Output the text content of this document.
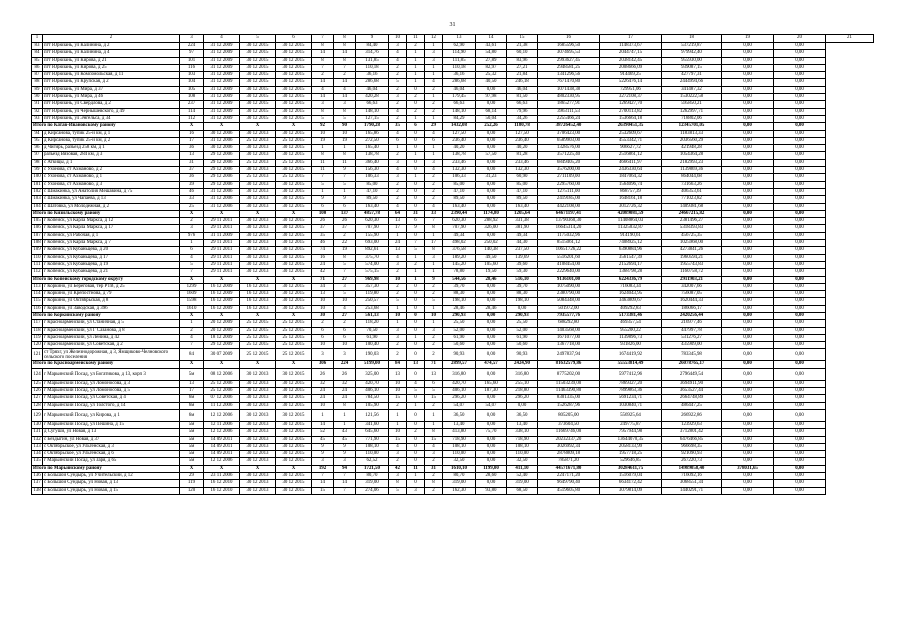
31
1	2	3	4	5	6	7	8	9	10	11	12	13	14	15	16	17	18	19	20	21
83	пгт Юрюзань, ул Калинина, д 2	224	31 12 2009	30 12 2015	30 12 2015	8	8	84,40	3	2	1	62,90	43,61	21,38	1685596,50	1148373,67	537219,87	0,00	0,00	
84	пгт Юрюзань, ул Калинина, д 4	97	31 12 2009	30 12 2015	30 12 2015	14	14	314,76	4	1	3	114,90	54,80	60,10	3074695,53	2044747,15	979942,40	0,00	0,00	
85	пгт Юрюзань, ул Кирова, д 21	101	31 12 2009	30 12 2015	30 12 2015	8	8	131,85	4	1	3	111,85	27,89	83,96	2993627,45	2038142,45	955930,00	0,00	0,00	
86	пгт Юрюзань, ул Кирова, д 25	116	31 12 2009	30 12 2015	30 12 2015	7	7	110,18	2	1	1	110,18	82,97	27,21	2948581,25	2008666,09	939087,15	0,00	0,00	
87	пгт Юрюзань, ул Комсомольская, д 11	103	31 12 2009	30 12 2015	30 12 2015	2	2	36,16	2	1	1	36,16	25,32	21,84	1341296,56	914469,25	427797,31	0,00	0,00	
88	пгт Юрюзань, ул Крупская, д 2	104	31 12 2009	30 12 2015	30 12 2015	14	14	286,68	5	1	4	286,68	40,50	246,18	7671470,80	5226476,14	2444994,66	0,00	0,00	
89	пгт Юрюзань, ул Мира, д 37	105	31 12 2009	30 12 2015	30 12 2015	4	4	46,04	2	0	2	46,04	0,00	46,04	1071438,38	729951,06	341487,32	0,00	0,00	
90	пгт Юрюзань, ул Мира, д 46	108	31 12 2009	30 12 2015	30 12 2015	14	14	420,28	3	2	1	179,45	97,98	81,50	4802330,95	3272108,37	1530222,58	0,00	0,00	
91	пгт Юрюзань, ул Свердлова, д 2	237	31 12 2009	30 12 2015	30 12 2015	3	3	66,63	2	0	2	66,63	0,00	66,63	1865277,91	1269427,70	595850,21	0,00	0,00	
92	пгт Юрюзань, ул Чернышевского, д 49	114	31 12 2009	30 12 2015	30 12 2015	8	8	148,10	4	2	2	148,10	68,14	79,96	3963111,53	2700113,82	1262997,71	0,00	0,00	
93	пгт Юрюзань, ул Энгельса, д 34	112	31 12 2009	30 12 2015	30 12 2015	5	5	127,15	2	1	1	84,29	50,04	34,26	2255466,24	1536664,18	718802,06	0,00	0,00	
Итого по Катав-Ивановскому району		X	X	X	X	92	90	1790,28	35	6	29	1432,08	252,26	1180,78	38726452,40	26390451,35	12345701,05	0,00	0,00	
94	д Кирсанова, тупик 25-й км, д 1	16	30 12 2006	30 12 2013	30 12 2015	10	10	165,86	4	0	4	127,50	0,00	127,50	3706423,00	2532609,67	1183813,33	0,00	0,00	
95	д Кирсанова, тупик 25-й км, д 2	17	31 12 2006	25 12 2013	25 12 2015	19	19	272,50	6	0	6	236,40	0,00	236,40	6589903,00	4553342,71	2036560,29	0,00	0,00	
96	д Чигирь, разъезд 258 км, д 1	36	30 12 2006	30 12 2013	30 12 2015	1	1	165,40	1	0	1	40,20	0,00	40,20	1328576,00	906627,72	421948,28	0,00	0,00	
97	разъезд Вязовая, 284 км, д 3	13	29 12 2006	30 12 2013	30 12 2015	8	8	138,78	2	1	1	138,78	57,50	81,28	3571225,40	2516861,12	1054364,28	0,00	0,00	
98	с Аткицы, д 1	31	29 12 2006	25 12 2013	25 12 2015	11	11	366,40	3	0	3	233,46	0,00	233,46	6849405,20	4666411,97	2182993,23	0,00	0,00	
99	с Ухонова, ст Ахманово, д 2	37	29 12 2006	30 12 2013	30 12 2015	11	9	156,30	4	0	4	132,30	0,00	132,30	3576200,00	2436330,64	1139869,36	0,00	0,00	
100	с Ухонова, ст Ахманово, д 1	36	29 12 2006	25 12 2013	25 12 2015	7	7	106,33	3	1	2	106,33	31,23	60,90	2711109,00	1847064,32	864044,68	0,00	0,00	
101	с Ухонова, ст Ахманово, д 3	39	29 12 2006	30 12 2013	30 12 2015	5	5	85,00	2	0	2	85,00	0,00	85,00	2295760,00	1564096,74	731663,26	0,00	0,00	
102	с Шмакинка, ул Анатолия Мешавина, д 75	46	31 12 2006	30 12 2013	30 12 2015	1	1	47,10	2	0	2	47,10	0,00	47,10	1275111,00	868757,39	406353,61	0,00	0,00	
103	с Шмакинка, ул Чапаева, д 13	33	31 12 2006	30 12 2013	30 12 2015	9	9	89,50	2	0	2	89,50	0,00	89,50	2419185,00	1648161,18	771023,82	0,00	0,00	
104	с Шатовка, ул Молодежная, д 2	25	31 12 2006	30 12 2013	30 12 2015	6	6	163,40	4	0	4	163,40	0,00	163,40	4422108,00	3012726,32	1409381,68	0,00	0,00	
Итого по Кизильскому району		X	X	X	X	100	137	4857,78	64	31	33	2390,44	1174,80	1205,64	64671197,41	42089081,59	24667215,82	0,00	0,00	
105	г Копейск, ул Карла Маркса, д 12	2	29 11 2011	30 12 2013	30 12 2015	26	26	620,30	13	6	7	620,30	288,92	331,38	13790360,30	11408864,03	2381496,27	0,00	0,00	
106	г Копейск, ул Карла Маркса, д 17	3	29 11 2011	30 12 2013	30 12 2015	37	37	707,90	17	9	8	707,90	326,00	381,90	16645314,20	11325032,87	5318393,83	0,00	0,00	
107	г Копейск, ул Рабочая, д 1	976	31 11 2009	30 12 2013	30 12 2015	35	2	155,90	1	0	1	49,34	0,00	49,34	1175032,96	914190,61	456725,35	0,00	0,00	
108	г Копейск, ул Карла Маркса, д 7	1	29 11 2011	30 12 2013	30 12 2015	46	22	693,00	24	7	17	498,02	250,02	44,30	8515061,12	7408925,12	1025968,00	0,00	0,00	
109	г Копейск, ул Кубаньцева, д 20	6	29 11 2011	30 12 2013	30 12 2015	74	19	892,61	13	5	8	376,58	140,38	237,50	10651726,22	6390884,96	4273841,26	0,00	0,00	
110	г Копейск, ул Кубаньцева, д 17	4	29 11 2011	30 12 2013	30 12 2015	16	8	375,70	4	1	3	189,20	49,50	139,69	5516201,60	3561547,39	1960594,21	0,00	0,00	
111	г Копейск, ул Кубаньцева, д 19	5	29 11 2011	30 12 2013	30 12 2015	24	5	574,00	3	2	1	145,20	105,60	39,60	4108454,00	2152694,17	1955743,83	0,00	0,00	
112	г Копейск, ул Кубаньцева, д 21	7	29 11 2011	30 12 2013	30 12 2015	42	7	575,15	2	1	1	78,80	19,50	59,30	2229640,00	1368798,28	1160758,72	0,00	0,00	
Итого по Копейскому городскому округу		X	X	X	X	71	27	969,98	10	1	9	544,56	28,46	516,10	9136101,00	6224336,79	2911903,21	0,00	0,00	
113	г Коркино, ул Береговая, тер РТВ, д 25	1299	16 12 2009	16 12 2013	30 12 2015	34	3	357,30	2	0	2	39,70	0,00	39,70	1075090,00	716083,34	342007,66	0,00	0,00	
114	г Коркино, ул Крепостнова, д 79	1609	16 12 2009	16 12 2013	30 12 2015	13	5	119,80	2	0	2	88,30	0,00	88,30	2380790,00	1624043,95	756087,05	0,00	0,00	
115	г Коркино, ул Октябрьская, д 8	1598	16 12 2009	16 12 2013	30 12 2015	10	10	250,57	5	0	5	198,10	0,00	198,10	5084348,00	3463809,67	1620444,33	0,00	0,00	
116	г Коркино, ул Заводская, д 396	1610	16 12 2009	16 12 2013	30 12 2015	10	4	253,68	1	0	1	28,46	28,46	0,00	501972,00	409292,83	186066,17	0,00	0,00	
Итого по Коркинскому району		X	X	X	X	30	27	561,13	10	0	10	290,93	0,00	290,93	7935577,76	5173381,46	2420256,44	0,00	0,00	
117	г Красноармейский, ул Станичная, д 5	1	20 12 2009	25 12 2015	25 12 2015	2	2	118,20	1	0	1	25,50	0,00	25,50	688292,80	469357,54	216977,46	0,00	0,00	
118	г Красноармейский, ул Г Сазанова, д 8	2	20 12 2009	25 12 2015	25 12 2015	6	6	70,50	3	0	3	52,00	0,00	52,00	1403568,00	955200,22	447997,78	0,00	0,00	
119	г Красноармейский, ул Ленина, д 42	4	18 12 2009	25 12 2015	25 12 2015	6	6	61,90	3	1	2	61,90	0,00	61,90	1671077,00	1139896,73	531276,27	0,00	0,00	
120	г Красноармейский, ул Советская, д 2	7	29 12 2009	25 12 2015	25 12 2015	10	10	100,40	2	0	2	50,60	0,00	50,60	1367718,00	931826,00	435909,00	0,00	0,00	
121	ст Тряхг, ул Железнодорожная, д 3, Ямщиково-Челновского сельского поселения	84	30 07 2009	25 12 2015	25 12 2015	3	3	190,03	2	0	2	90,93	0,00	90,93	2497837,94	1674419,92	783345,98	0,00	0,00	
Итого по Красноармейскому району		X	X	X	X	306	224	5199,00	84	13	71	2899,57	474,57	2424,90	81632579,86	55553814,49	26078765,17	0,00	0,00	
124	г Марьинский Посад, ул Богатикова, д 13, корп 3	5м	08 12 2006	30 12 2013	30 12 2015	26	26	325,00	13	0	13	316,80	0,00	316,80	8775202,00	5977412,96	2796449,54	0,00	0,00	
125	г Марьинский Посад, ул Ломоносова, д 3	13	25 12 2006	30 12 2013	30 12 2015	32	32	420,70	10	4	6	420,70	165,60	255,10	11503239,00	7869327,20	3694911,90	0,00	0,00	
126	г Марьинский Посад, ул Ломоносова, д 5	17	25 12 2006	30 12 2013	30 12 2015	24	24	406,10	10	5	5	406,10	187,30	218,80	11463390,80	7899863,36	3653527,44	0,00	0,00	
127	г Марьинский Посад, ул Советская, д 4	6м	07 12 2006	30 12 2013	30 12 2015	24	24	784,50	15	0	15	296,20	0,00	296,20	8301335,00	5691234,71	2664748,89	0,00	0,00	
128	г Марьинский Посад, ул Толстого, д 14	6м	11 12 2006	30 12 2013	30 12 2015	10	8	105,90	2	1	2	54,07	54,07	0,00	1526287,96	1030840,71	486447,25	0,00	0,00	
129	г Марьинский Посад, ул Кирова, д 1	6м	12 12 2006	30 12 2013	30 12 2015	1	1	121,56	1	0	1	36,50	0,00	36,50	805205,00	556925,64	266922,86	0,00	0,00	
130	г Марьинский Посад, ул Пешина, д 15	5м	12 11 2006	30 12 2013	30 12 2015	14	1	341,60	1	0	1	13,40	0,00	13,40	373604,50	249775,87	123929,63	0,00	0,00	
131	д Сугуши, ул Новая, д 13	5м	12 12 2006	30 12 2013	30 12 2015	52	43	645,60	10	2	8	413,80	75,70	338,10	11669746,00	7957944,98	3712801,42	0,00	0,00	
132	с Бездыгин, ул Новая, д 37	5м	14 09 2011	30 12 2013	30 12 2015	45	45	771,90	15	0	15	718,90	0,00	718,90	20232337,20	13644070,35	6476466,85	0,00	0,00	
133	с Октябрьское, ул Ульгенская, д 3	5м	14 09 2011	30 12 2013	30 12 2015	9	9	108,10	4	0	4	108,10	0,00	108,10	3026992,34	2058133,99	966698,35	0,00	0,00	
134	с Октябрьское, ул Ульгенская, д 6	5м	14 09 2011	30 12 2013	30 12 2015	9	9	110,00	3	0	3	110,00	0,00	110,00	2878809,18	1957718,25	921090,93	0,00	0,00	
135	г Марьинский Посад, ул Заря, д 65	5м	12 12 2006	30 12 2013	30 12 2015	3	3	62,52	2	0	2	32,50	0,00	32,50	785871,20	529646,85	267220,73	0,00	0,00	
Итого по Марьинскому району		X	X	X	X	192	94	1721,50	42	11	31	1610,10	1199,00	411,10	44571671,80	30284611,75	14989058,40	378031,65	0,00	
136	с Большой Сундырь, ул Учительский, д 12	29	23 11 2006	30 12 2013	30 12 2015	7	7	80,70	3	1	2	80,70	28,60	52,40	2247171,20	1516079,04	716092,16	0,00	0,00	
137	с Большой Сундырь, ул Новая, д 13	119	16 12 2010	30 12 2013	30 12 2015	14	14	319,00	8	0	8	319,00	0,00	319,00	9649790,40	6634172,42	3068551,34	0,00	0,00	
138	с Большой Сундырь, ул Новая, д 15	120	16 12 2010	30 12 2013	30 12 2015	15	7	274,06	5	3	2	162,30	93,80	68,50	4519605,80	3079814,09	1440291,71	0,00	0,00	
